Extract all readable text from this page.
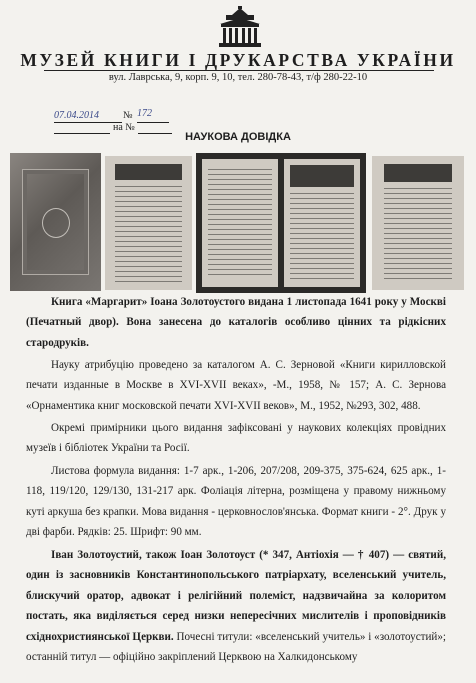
МУЗЕЙ КНИГИ І ДРУКАРСТВА УКРАЇНИ
вул. Лаврська, 9, корп. 9, 10, тел. 280-78-43, т/ф 280-22-10
07.04.2014 № 172
на №
НАУКОВА ДОВІДКА

Книга «Маргарит» Іоана Золотоустого видана 1 листопада 1641 року у Москві (Печатный двор). Вона занесена до каталогів особливо цінних та рідкісних стародруків.

Науку атрибуцію проведено за каталогом А. С. Зерновой «Книги кирилловской печати изданные в Москве в XVI-XVII веках», -М., 1958, № 157; А. С. Зернова «Орнаментика книг московской печати XVI-XVII веков», М., 1952, №293, 302, 488.

Окремі примірники цього видання зафіксовані у наукових колекціях провідних музеїв і бібліотек України та Росії.

Листова формула видання: 1-7 арк., 1-206, 207/208, 209-375, 375-624, 625 арк., 1-118, 119/120, 129/130, 131-217 арк. Фоліація літерна, розміщена у правому нижньому куті аркуша без крапки. Мова видання - церковнослов'янська. Формат книги - 2°. Друк у дві фарби. Рядків: 25. Шрифт: 90 мм.

Іван Золотоустий, також Іоан Золотоуст (* 347, Антіохія — † 407) — святий, один із засновників Константинопольського патріархату, вселенський учитель, блискучий оратор, адвокат і релігійний полеміст, надзвичайна за колоритом постать, яка виділяється серед низки непересічних мислителів і проповідників східнохристиянської Церкви. Почесні титули: «вселенський учитель» і «золотоустий»; останній титул — офіційно закріплений Церквою на Халкидонському
